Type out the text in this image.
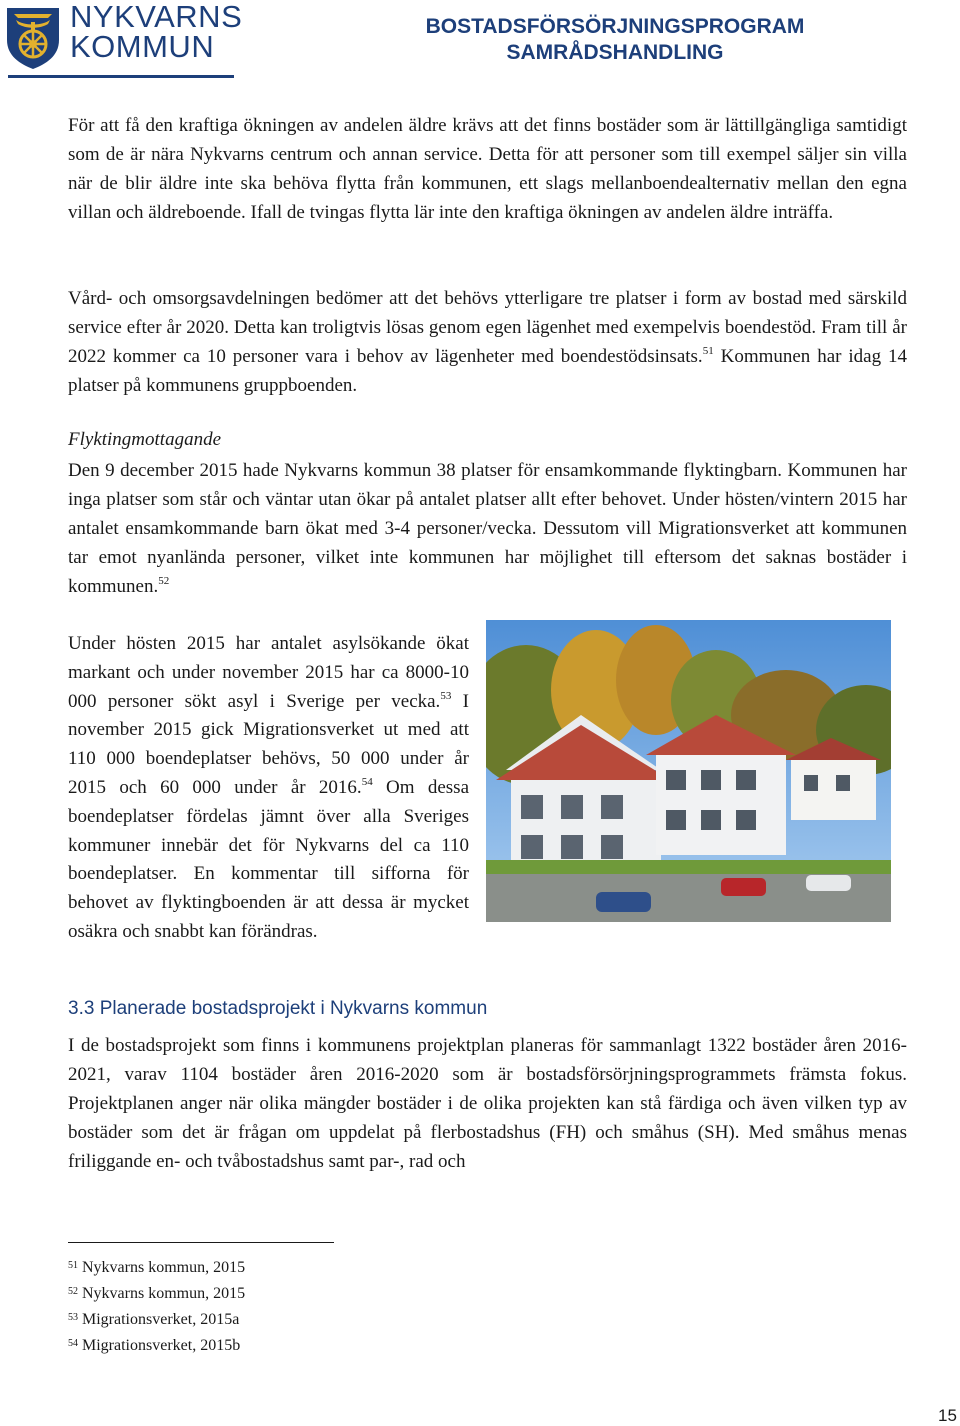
NYKVARNS
KOMMUN
BOSTADSFÖRSÖRJNINGSPROGRAM
SAMRÅDSHANDLING

För att få den kraftiga ökningen av andelen äldre krävs att det finns bostäder som är lättillgängliga samtidigt som de är nära Nykvarns centrum och annan service. Detta för att personer som till exempel säljer sin villa när de blir äldre inte ska behöva flytta från kommunen, ett slags mellanboendealternativ mellan den egna villan och äldreboende. Ifall de tvingas flytta lär inte den kraftiga ökningen av andelen äldre inträffa.

Vård- och omsorgsavdelningen bedömer att det behövs ytterligare tre platser i form av bostad med särskild service efter år 2020. Detta kan troligtvis lösas genom egen lägenhet med exempelvis boendestöd. Fram till år 2022 kommer ca 10 personer vara i behov av lägenheter med boendestödsinsats.$^{51}$ Kommunen har idag 14 platser på kommunens gruppboenden.

Flyktingmottagande

Den 9 december 2015 hade Nykvarns kommun 38 platser för ensamkommande flyktingbarn. Kommunen har inga platser som står och väntar utan ökar på antalet platser allt efter behovet. Under hösten/vintern 2015 har antalet ensamkommande barn ökat med 3-4 personer/vecka. Dessutom vill Migrationsverket att kommunen tar emot nyanlända personer, vilket inte kommunen har möjlighet till eftersom det saknas bostäder i kommunen.$^{52}$

Under hösten 2015 har antalet asylsökande ökat markant och under november 2015 har ca 8000-10 000 personer sökt asyl i Sverige per vecka.$^{53}$ I november 2015 gick Migrationsverket ut med att 110 000 boendeplatser behövs, 50 000 under år 2015 och 60 000 under år 2016.54 Om dessa boendeplatser fördelas jämnt över alla Sveriges kommuner innebär det för Nykvarns del ca 110 boendeplatser. En kommentar till sifforna för behovet av flyktingboenden är att dessa är mycket osäkra och snabbt kan förändras.

3.3 Planerade bostadsprojekt i Nykvarns kommun

I de bostadsprojekt som finns i kommunens projektplan planeras för sammanlagt 1322 bostäder åren 2016-2021, varav 1104 bostäder åren 2016-2020 som är bostadsförsörjningsprogrammets främsta fokus. Projektplanen anger när olika mängder bostäder i de olika projekten kan stå färdiga och även vilken typ av bostäder som det är frågan om uppdelat på flerbostadshus (FH) och småhus (SH). Med småhus menas friliggande en- och tvåbostadshus samt par-, rad och

$^{51}$ Nykvarns kommun, 2015
$^{52}$ Nykvarns kommun, 2015
$^{53}$ Migrationsverket, 2015a
$^{54}$ Migrationsverket, 2015b
15
